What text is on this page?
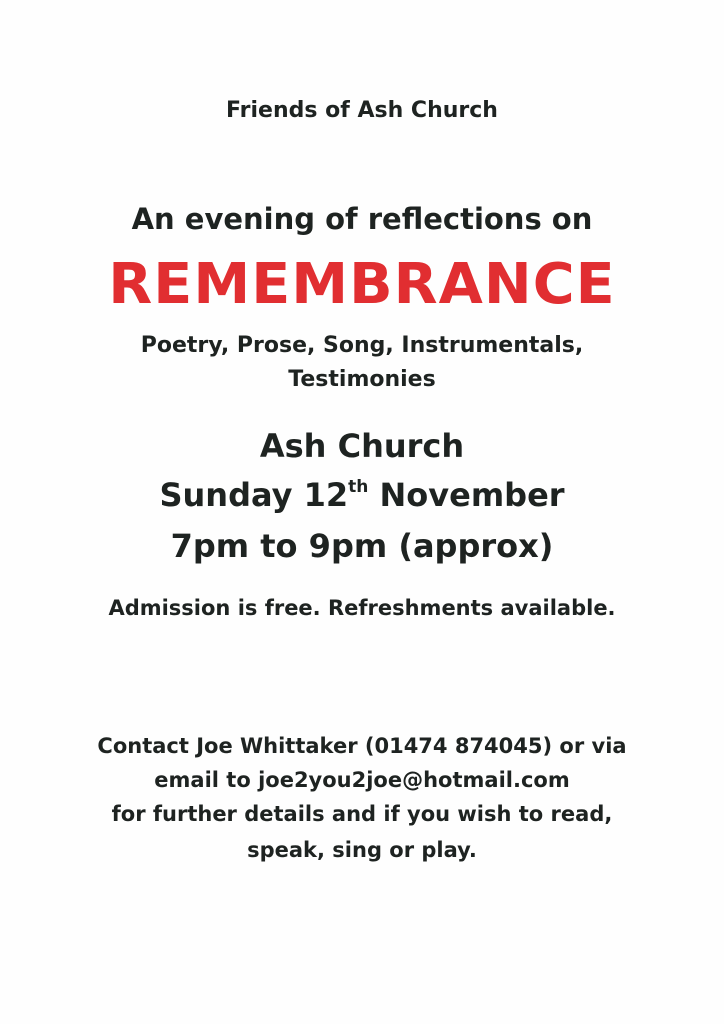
Friends of Ash Church
An evening of reflections on
REMEMBRANCE
Poetry, Prose, Song, Instrumentals,
Testimonies
Ash Church
Sunday 12th November
7pm to 9pm (approx)
Admission is free. Refreshments available.
Contact Joe Whittaker (01474 874045) or via
email to joe2you2joe@hotmail.com
for further details and if you wish to read,
speak, sing or play.
